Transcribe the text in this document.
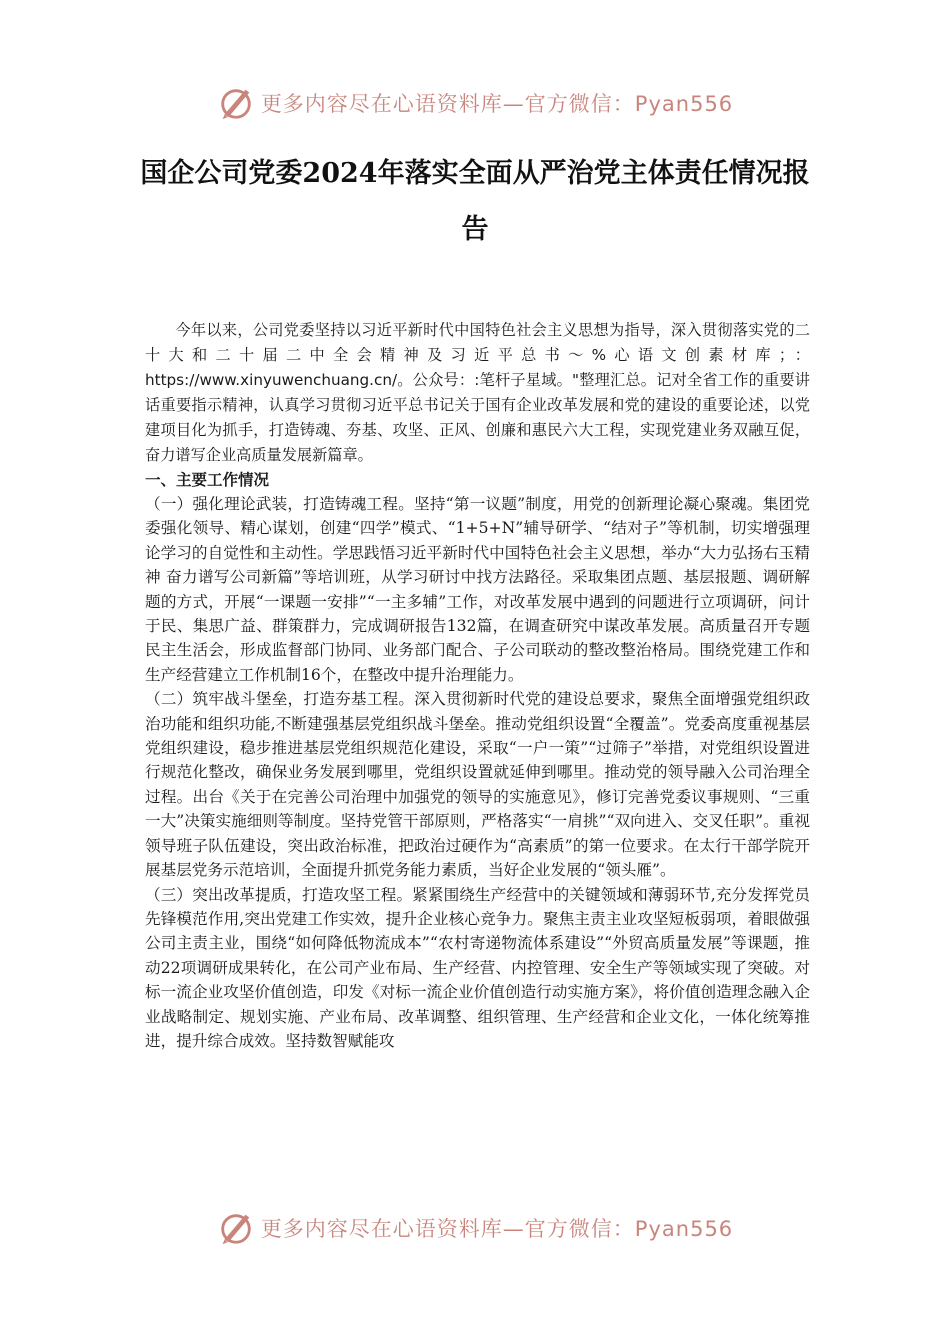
更多内容尽在心语资料库—官方微信：Pyan556
国企公司党委2024年落实全面从严治党主体责任情况报告

今年以来，公司党委坚持以习近平新时代中国特色社会主义思想为指导，深入贯彻落实党的二十大和二十届二中全会精神及习近平总书～%心语文创素材库；：https://www.xinyuwenchuang.cn/。公众号：:笔杆子星域。"整理汇总。记对全省工作的重要讲话重要指示精神，认真学习贯彻习近平总书记关于国有企业改革发展和党的建设的重要论述，以党建项目化为抓手，打造铸魂、夯基、攻坚、正风、创廉和惠民六大工程，实现党建业务双融互促，奋力谱写企业高质量发展新篇章。

一、主要工作情况

（一）强化理论武装，打造铸魂工程。坚持“第一议题”制度，用党的创新理论凝心聚魂。集团党委强化领导、精心谋划，创建“四学”模式、“1+5+N”辅导研学、“结对子”等机制，切实增强理论学习的自觉性和主动性。学思践悟习近平新时代中国特色社会主义思想，举办“大力弘扬右玉精神 奋力谱写公司新篇”等培训班，从学习研讨中找方法路径。采取集团点题、基层报题、调研解题的方式，开展“一课题一安排”“一主多辅”工作，对改革发展中遇到的问题进行立项调研，问计于民、集思广益、群策群力，完成调研报告132篇，在调查研究中谋改革发展。高质量召开专题民主生活会，形成监督部门协同、业务部门配合、子公司联动的整改整治格局。围绕党建工作和生产经营建立工作机制16个，在整改中提升治理能力。

（二）筑牢战斗堡垒，打造夯基工程。深入贯彻新时代党的建设总要求，聚焦全面增强党组织政治功能和组织功能,不断建强基层党组织战斗堡垒。推动党组织设置“全覆盖”。党委高度重视基层党组织建设，稳步推进基层党组织规范化建设，采取“一户一策”“过筛子”举措，对党组织设置进行规范化整改，确保业务发展到哪里，党组织设置就延伸到哪里。推动党的领导融入公司治理全过程。出台《关于在完善公司治理中加强党的领导的实施意见》，修订完善党委议事规则、“三重一大”决策实施细则等制度。坚持党管干部原则，严格落实“一肩挑”“双向进入、交叉任职”。重视领导班子队伍建设，突出政治标准，把政治过硬作为“高素质”的第一位要求。在太行干部学院开展基层党务示范培训，全面提升抓党务能力素质，当好企业发展的“领头雁”。

（三）突出改革提质，打造攻坚工程。紧紧围绕生产经营中的关键领域和薄弱环节,充分发挥党员先锋模范作用,突出党建工作实效，提升企业核心竞争力。聚焦主责主业攻坚短板弱项，着眼做强公司主责主业，围绕“如何降低物流成本”“农村寄递物流体系建设”“外贸高质量发展”等课题，推动22项调研成果转化，在公司产业布局、生产经营、内控管理、安全生产等领域实现了突破。对标一流企业攻坚价值创造，印发《对标一流企业价值创造行动实施方案》，将价值创造理念融入企业战略制定、规划实施、产业布局、改革调整、组织管理、生产经营和企业文化，一体化统筹推进，提升综合成效。坚持数智赋能攻

更多内容尽在心语资料库—官方微信：Pyan556
